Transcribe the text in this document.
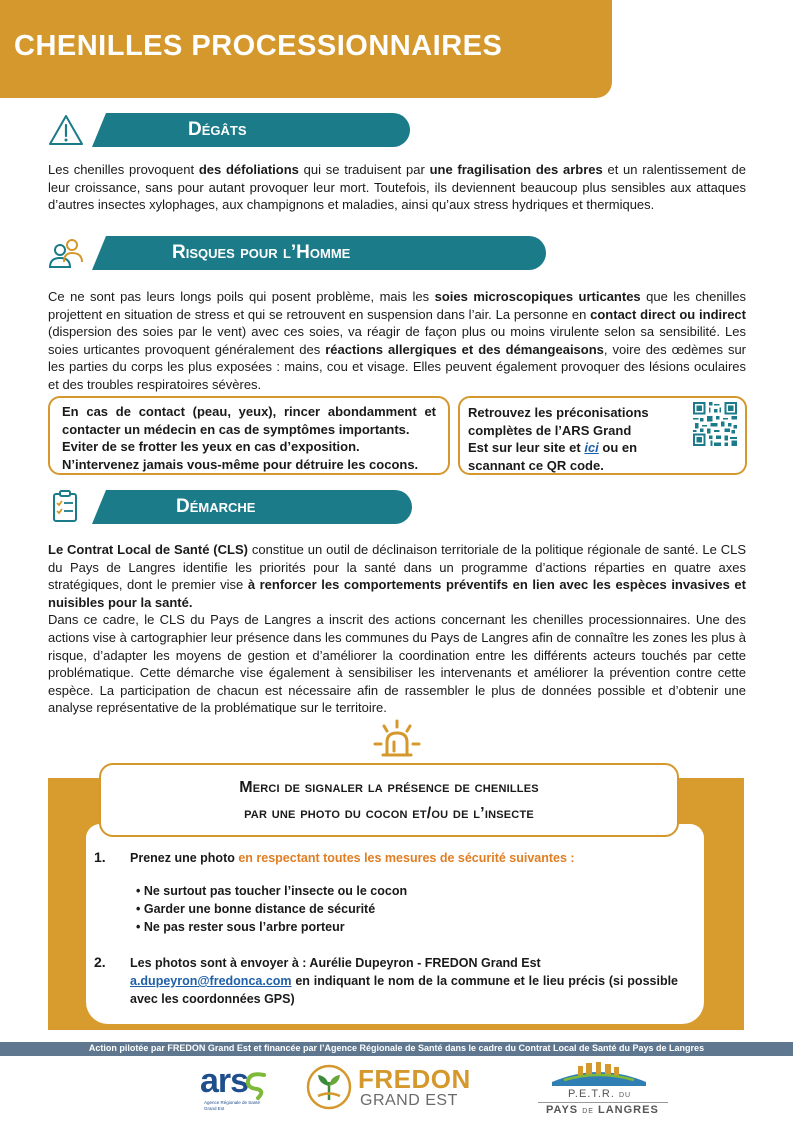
CHENILLES PROCESSIONNAIRES
Dégâts
Les chenilles provoquent des défoliations qui se traduisent par une fragilisation des arbres et un ralentissement de leur croissance, sans pour autant provoquer leur mort. Toutefois, ils deviennent beaucoup plus sensibles aux attaques d’autres insectes xylophages, aux champignons et maladies, ainsi qu’aux stress hydriques et thermiques.
Risques pour l’Homme
Ce ne sont pas leurs longs poils qui posent problème, mais les soies microscopiques urticantes que les chenilles projettent en situation de stress et qui se retrouvent en suspension dans l’air. La personne en contact direct ou indirect (dispersion des soies par le vent) avec ces soies, va réagir de façon plus ou moins virulente selon sa sensibilité. Les soies urticantes provoquent généralement des réactions allergiques et des démangeaisons, voire des œdèmes sur les parties du corps les plus exposées : mains, cou et visage. Elles peuvent également provoquer des lésions oculaires et des troubles respiratoires sévères.
En cas de contact (peau, yeux), rincer abondamment et contacter un médecin en cas de symptômes importants.
Eviter de se frotter les yeux en cas d’exposition.
N’intervenez jamais vous-même pour détruire les cocons.
Retrouvez les préconisations complètes de l’ARS Grand Est sur leur site et ici ou en scannant ce QR code.
Démarche
Le Contrat Local de Santé (CLS) constitue un outil de déclinaison territoriale de la politique régionale de santé. Le CLS du Pays de Langres identifie les priorités pour la santé dans un programme d’actions réparties en quatre axes stratégiques, dont le premier vise à renforcer les comportements préventifs en lien avec les espèces invasives et nuisibles pour la santé.
Dans ce cadre, le CLS du Pays de Langres a inscrit des actions concernant les chenilles processionnaires. Une des actions vise à cartographier leur présence dans les communes du Pays de Langres afin de connaître les zones les plus à risque, d’adapter les moyens de gestion et d’améliorer la coordination entre les différents acteurs touchés par cette problématique. Cette démarche vise également à sensibiliser les intervenants et améliorer la prévention contre cette espèce. La participation de chacun est nécessaire afin de rassembler le plus de données possible et d’obtenir une analyse représentative de la problématique sur le territoire.
Merci de signaler la présence de chenilles
par une photo du cocon et/ou de l’insecte
1. Prenez une photo en respectant toutes les mesures de sécurité suivantes :
• Ne surtout pas toucher l’insecte ou le cocon
• Garder une bonne distance de sécurité
• Ne pas rester sous l’arbre porteur
2. Les photos sont à envoyer à : Aurélie Dupeyron - FREDON Grand Est
a.dupeyron@fredonca.com en indiquant le nom de la commune et le lieu précis (si possible avec les coordonnées GPS)
Action pilotée par FREDON Grand Est et financée par l’Agence Régionale de Santé dans le cadre du Contrat Local de Santé du Pays de Langres
ars
Agence Régionale de Santé
Grand Est
FREDON
GRAND EST	P.E.T.R. DU
PAYS DE LANGRES
